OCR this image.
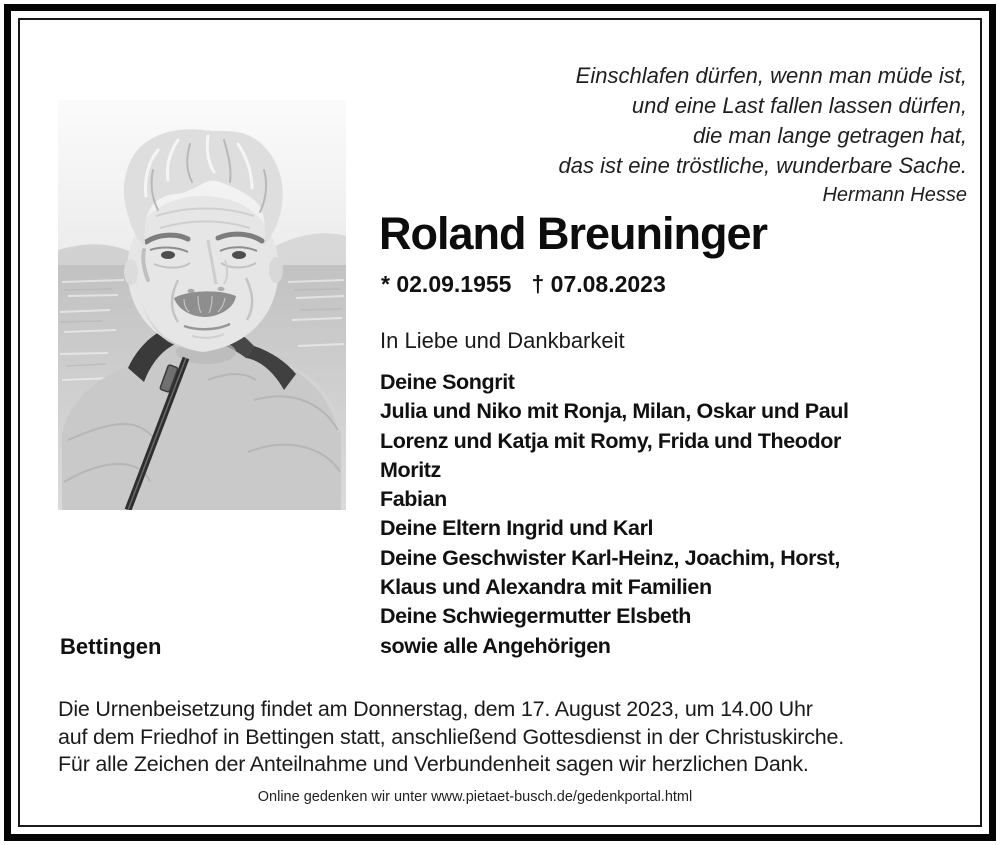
Einschlafen dürfen, wenn man müde ist,
und eine Last fallen lassen dürfen,
die man lange getragen hat,
das ist eine tröstliche, wunderbare Sache.
Hermann Hesse
Roland Breuninger
* 02.09.1955 † 07.08.2023
In Liebe und Dankbarkeit
Deine Songrit
Julia und Niko mit Ronja, Milan, Oskar und Paul
Lorenz und Katja mit Romy, Frida und Theodor
Moritz
Fabian
Deine Eltern Ingrid und Karl
Deine Geschwister Karl-Heinz, Joachim, Horst,
Klaus und Alexandra mit Familien
Deine Schwiegermutter Elsbeth
sowie alle Angehörigen
Bettingen
Die Urnenbeisetzung findet am Donnerstag, dem 17. August 2023, um 14.00 Uhr
auf dem Friedhof in Bettingen statt, anschließend Gottesdienst in der Christuskirche.
Für alle Zeichen der Anteilnahme und Verbundenheit sagen wir herzlichen Dank.
Online gedenken wir unter www.pietaet-busch.de/gedenkportal.html
